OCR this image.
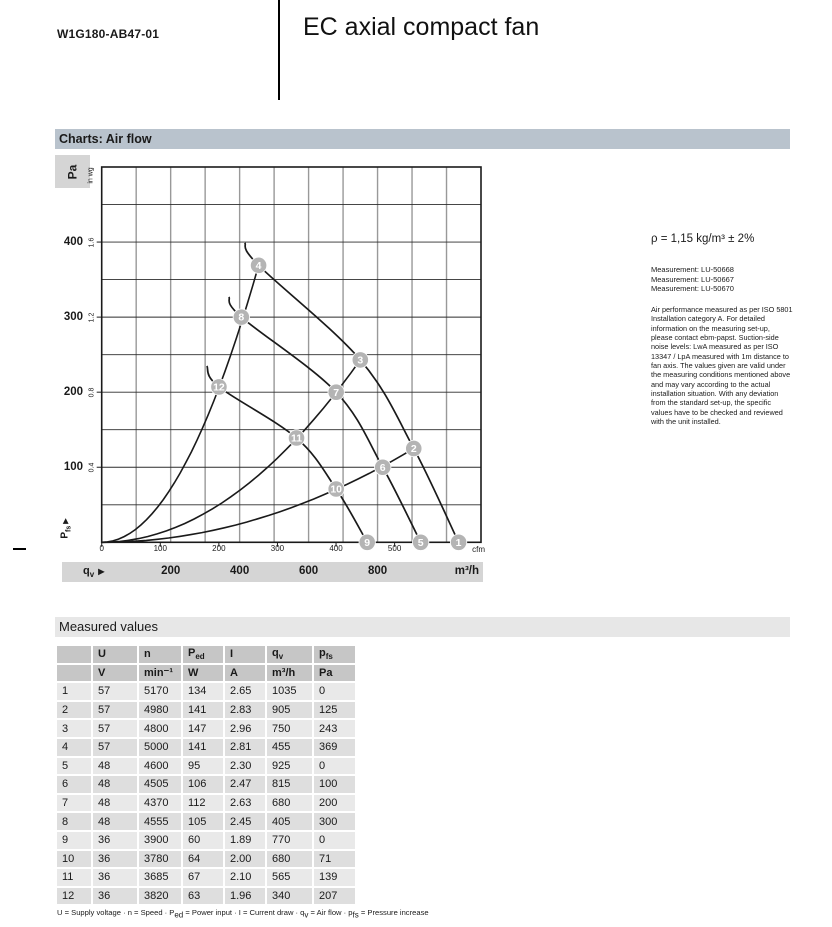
W1G180-AB47-01	EC axial compact fan
Charts: Air flow
1
2
3
4
5
6
7
8
9
10
11
12
Pa
400
300
200
100
in wg
1.6
1.2
0.8
0.4
$P_{fs}▶$
0	100	200	300	400	500	cfm
$q_v$ ▶	200	400	600	800	m³/h
ρ = 1,15 kg/m³ ± 2%
Measurement: LU-50668
Measurement: LU-50667
Measurement: LU-50670
Air performance measured as per ISO 5801 Installation category A. For detailed information on the measuring set-up, please contact ebm-papst. Suction-side noise levels: LwA measured as per ISO 13347 / LpA measured with 1m distance to fan axis. The values given are valid under the measuring conditions mentioned above and may vary according to the actual installation situation. With any deviation from the standard set-up, the specific values have to be checked and reviewed with the unit installed.
Measured values
	U	n	$P_{ed}$	I	$q_v$	$p_{fs}$
	V	min⁻¹	W	A	m³/h	Pa
1	57	5170	134	2.65	1035	0
2	57	4980	141	2.83	905	125
3	57	4800	147	2.96	750	243
4	57	5000	141	2.81	455	369
5	48	4600	95	2.30	925	0
6	48	4505	106	2.47	815	100
7	48	4370	112	2.63	680	200
8	48	4555	105	2.45	405	300
9	36	3900	60	1.89	770	0
10	36	3780	64	2.00	680	71
11	36	3685	67	2.10	565	139
12	36	3820	63	1.96	340	207
U = Supply voltage · n = Speed · $P_{ed}$ = Power input · I = Current draw · $q_v$ = Air flow · $p_{fs}$ = Pressure increase
